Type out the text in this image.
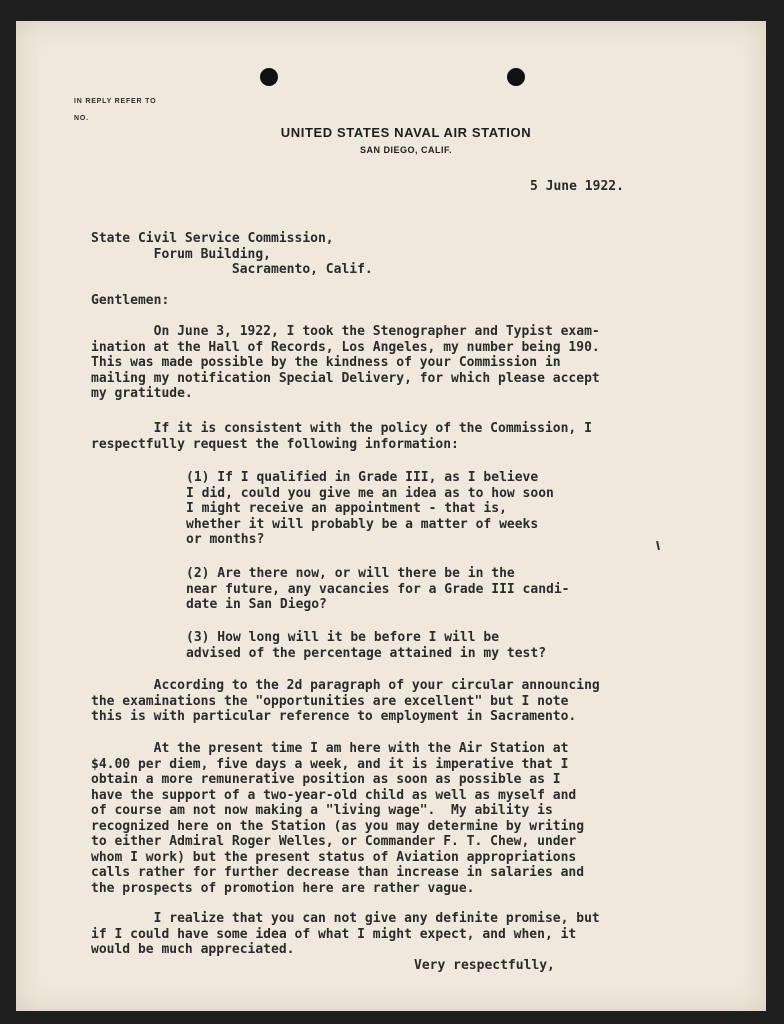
IN REPLY REFER TO
NO.
UNITED STATES NAVAL AIR STATION
SAN DIEGO, CALIF.
5 June 1922.
State Civil Service Commission,
Forum Building,
Sacramento, Calif.
Gentlemen:
On June 3, 1922, I took the Stenographer and Typist exam-
ination at the Hall of Records, Los Angeles, my number being 190.
This was made possible by the kindness of your Commission in
mailing my notification Special Delivery, for which please accept
my gratitude.
If it is consistent with the policy of the Commission, I
respectfully request the following information:
(1) If I qualified in Grade III, as I believe
I did, could you give me an idea as to how soon
I might receive an appointment - that is,
whether it will probably be a matter of weeks
or months?
(2) Are there now, or will there be in the
near future, any vacancies for a Grade III candi-
date in San Diego?
(3) How long will it be before I will be
advised of the percentage attained in my test?
According to the 2d paragraph of your circular announcing
the examinations the "opportunities are excellent" but I note
this is with particular reference to employment in Sacramento.
At the present time I am here with the Air Station at
$4.00 per diem, five days a week, and it is imperative that I
obtain a more remunerative position as soon as possible as I
have the support of a two-year-old child as well as myself and
of course am not now making a "living wage".  My ability is
recognized here on the Station (as you may determine by writing
to either Admiral Roger Welles, or Commander F. T. Chew, under
whom I work) but the present status of Aviation appropriations
calls rather for further decrease than increase in salaries and
the prospects of promotion here are rather vague.
I realize that you can not give any definite promise, but
if I could have some idea of what I might expect, and when, it
would be much appreciated.
Very respectfully,
